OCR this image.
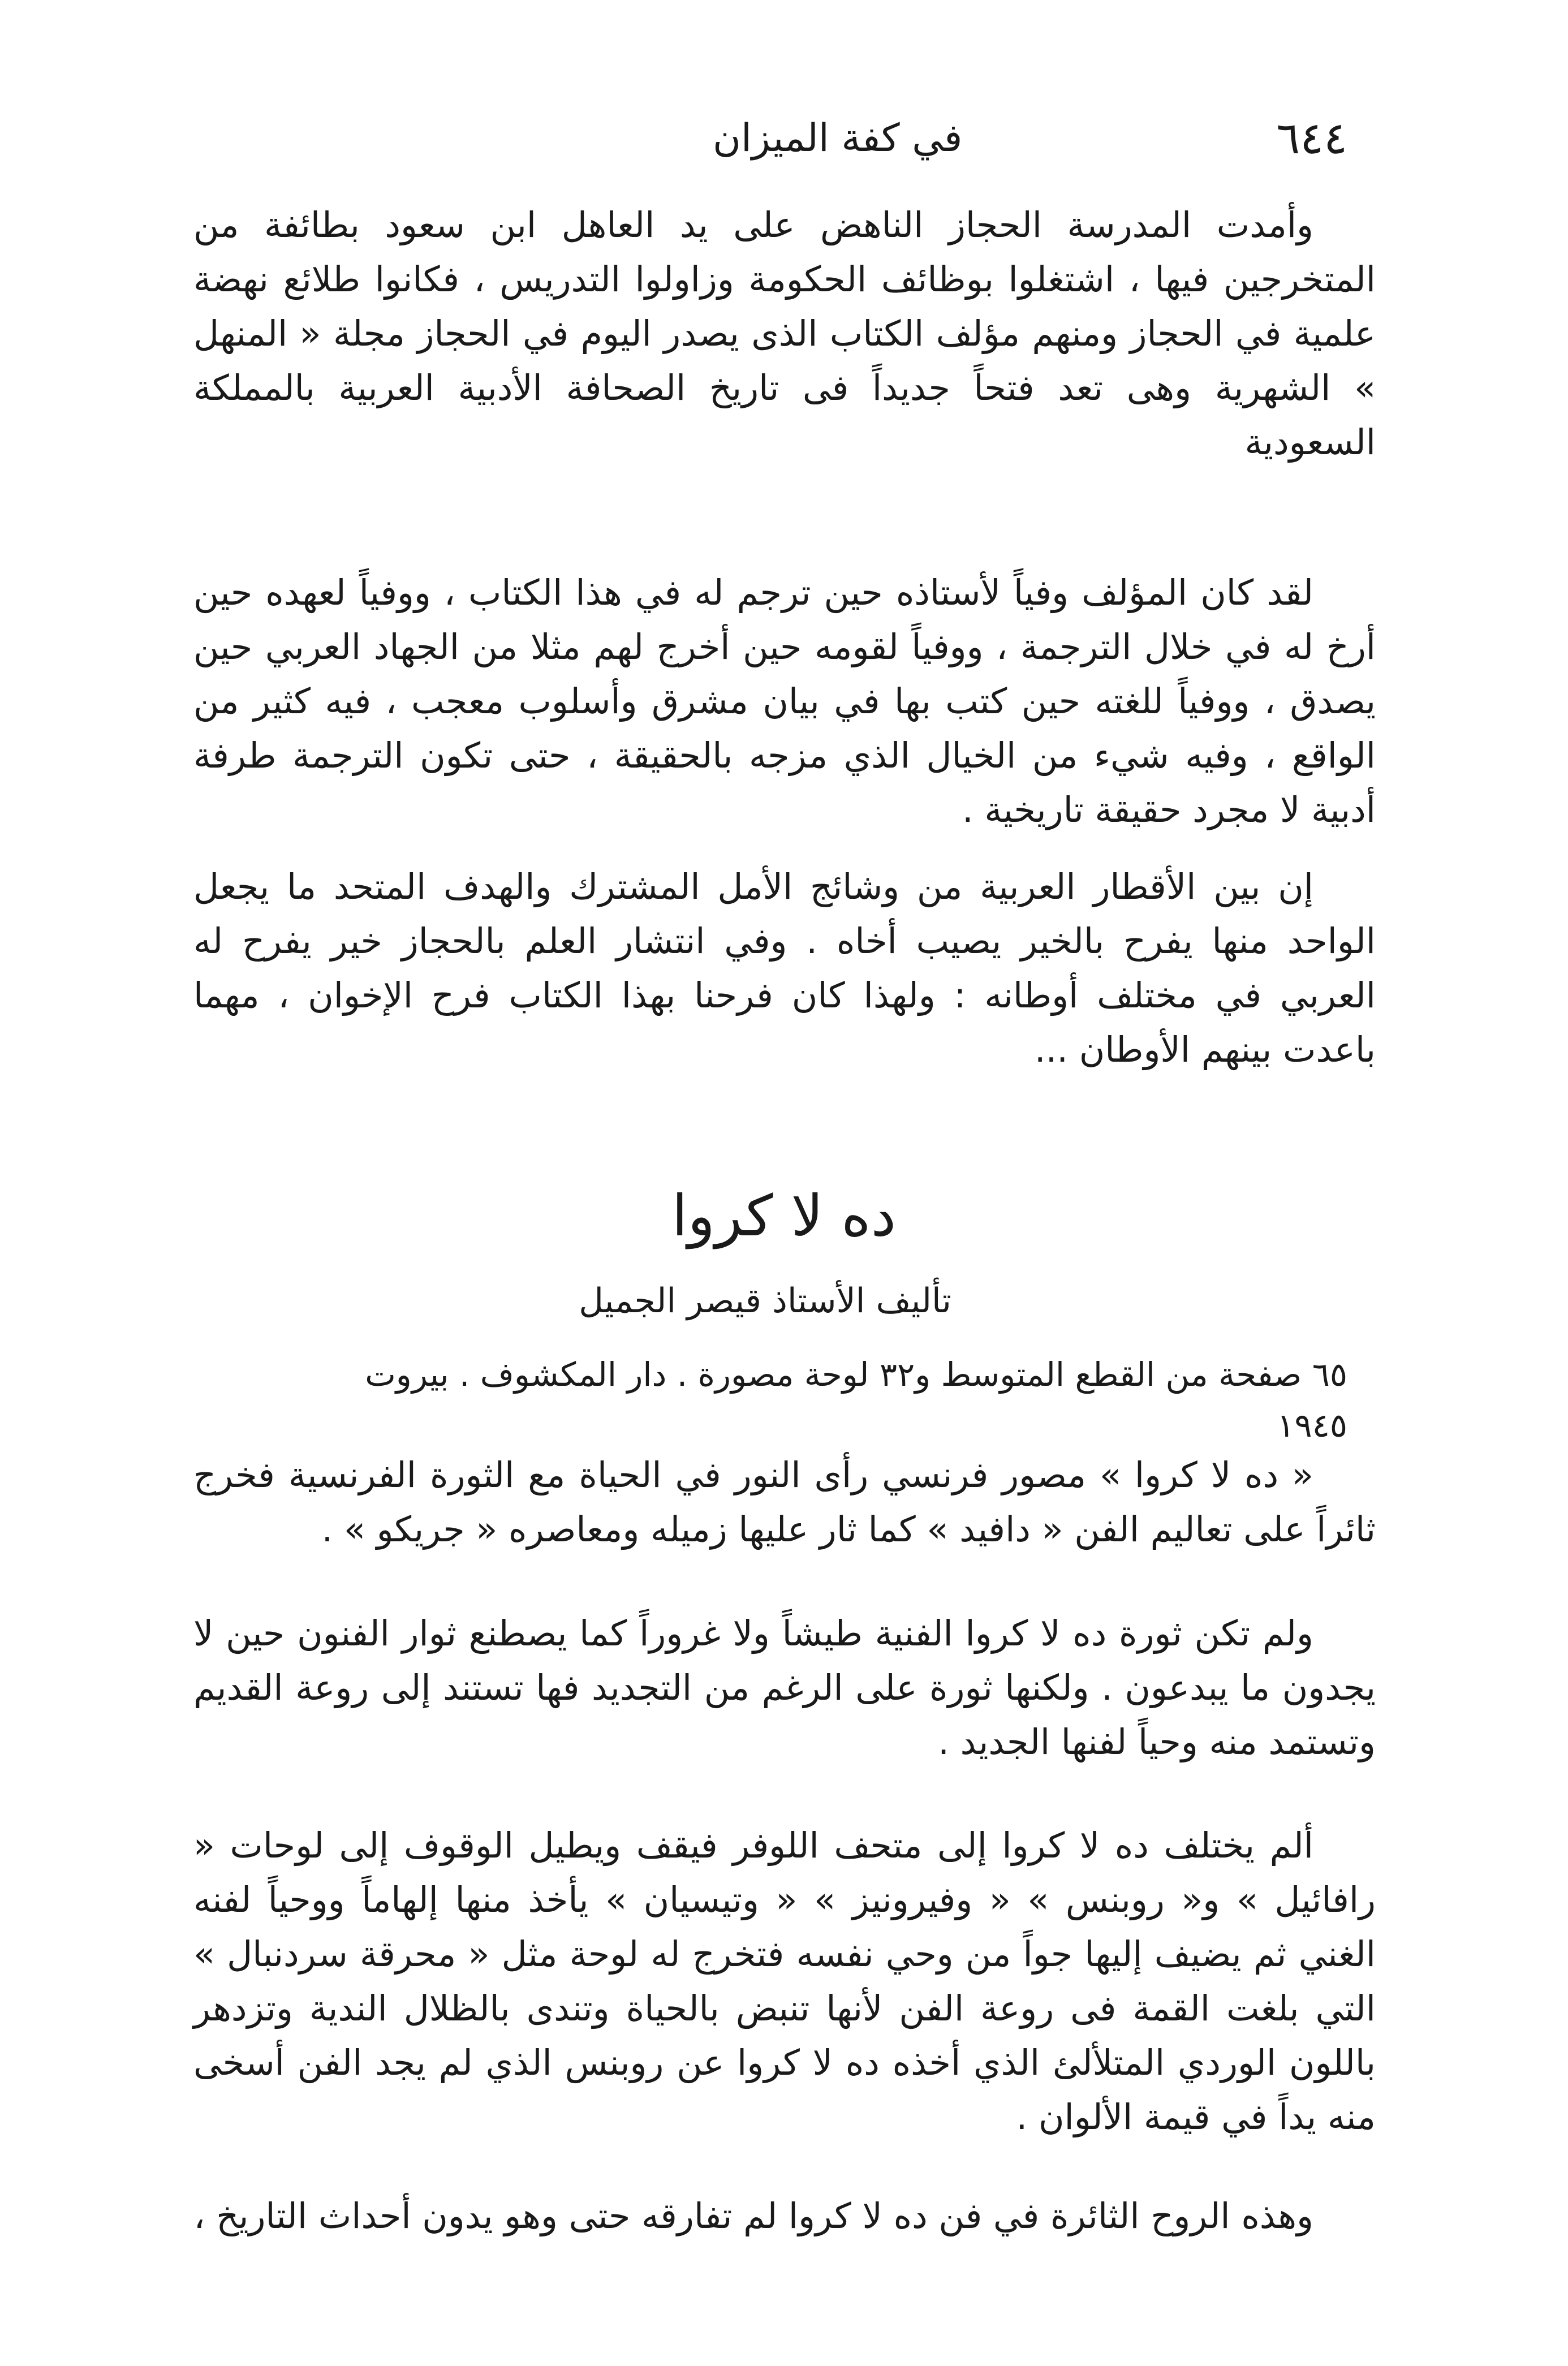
٦٤٤
في كفة الميزان

وأمدت المدرسة الحجاز الناهض على يد العاهل ابن سعود بطائفة من المتخرجين فيها ، اشتغلوا بوظائف الحكومة وزاولوا التدريس ، فكانوا طلائع نهضة علمية في الحجاز ومنهم مؤلف الكتاب الذى يصدر اليوم في الحجاز مجلة « المنهل » الشهرية وهى تعد فتحاً جديداً فى تاريخ الصحافة الأدبية العربية بالمملكة السعودية

لقد كان المؤلف وفياً لأستاذه حين ترجم له في هذا الكتاب ، ووفياً لعهده حين أرخ له في خلال الترجمة ، ووفياً لقومه حين أخرج لهم مثلا من الجهاد العربي حين يصدق ، ووفياً للغته حين كتب بها في بيان مشرق وأسلوب معجب ، فيه كثير من الواقع ، وفيه شيء من الخيال الذي مزجه بالحقيقة ، حتى تكون الترجمة طرفة أدبية لا مجرد حقيقة تاريخية .

إن بين الأقطار العربية من وشائج الأمل المشترك والهدف المتحد ما يجعل الواحد منها يفرح بالخير يصيب أخاه . وفي انتشار العلم بالحجاز خير يفرح له العربي في مختلف أوطانه : ولهذا كان فرحنا بهذا الكتاب فرح الإخوان ، مهما باعدت بينهم الأوطان ...

ده لا كروا
تأليف الأستاذ قيصر الجميل
٦٥ صفحة من القطع المتوسط و٣٢ لوحة مصورة . دار المكشوف . بيروت ١٩٤٥

« ده لا كروا » مصور فرنسي رأى النور في الحياة مع الثورة الفرنسية فخرج ثائراً على تعاليم الفن « دافيد » كما ثار عليها زميله ومعاصره « جريكو » .

ولم تكن ثورة ده لا كروا الفنية طيشاً ولا غروراً كما يصطنع ثوار الفنون حين لا يجدون ما يبدعون . ولكنها ثورة على الرغم من التجديد فها تستند إلى روعة القديم وتستمد منه وحياً لفنها الجديد .

ألم يختلف ده لا كروا إلى متحف اللوفر فيقف ويطيل الوقوف إلى لوحات « رافائيل » و« روبنس » « وفيرونيز » « وتيسيان » يأخذ منها إلهاماً ووحياً لفنه الغني ثم يضيف إليها جواً من وحي نفسه فتخرج له لوحة مثل « محرقة سردنبال » التي بلغت القمة فى روعة الفن لأنها تنبض بالحياة وتندى بالظلال الندية وتزدهر باللون الوردي المتلألئ الذي أخذه ده لا كروا عن روبنس الذي لم يجد الفن أسخى منه يداً في قيمة الألوان .

وهذه الروح الثائرة في فن ده لا كروا لم تفارقه حتى وهو يدون أحداث التاريخ ،
